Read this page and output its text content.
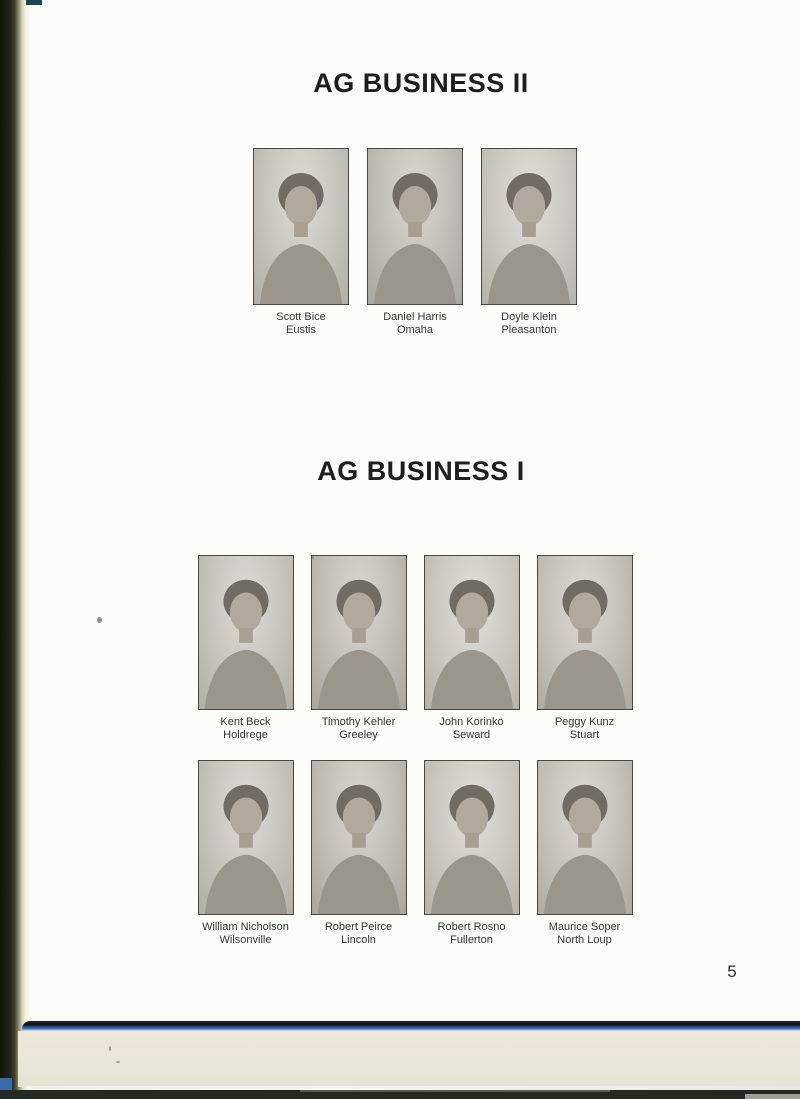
AG BUSINESS II
Scott Bice
Eustis
Daniel Harris
Omaha
Doyle Klein
Pleasanton
AG BUSINESS I
Kent Beck
Holdrege
Timothy Kehler
Greeley
John Korinko
Seward
Peggy Kunz
Stuart
William Nicholson
Wilsonville
Robert Peirce
Lincoln
Robert Rosno
Fullerton
Maurice Soper
North Loup
5
